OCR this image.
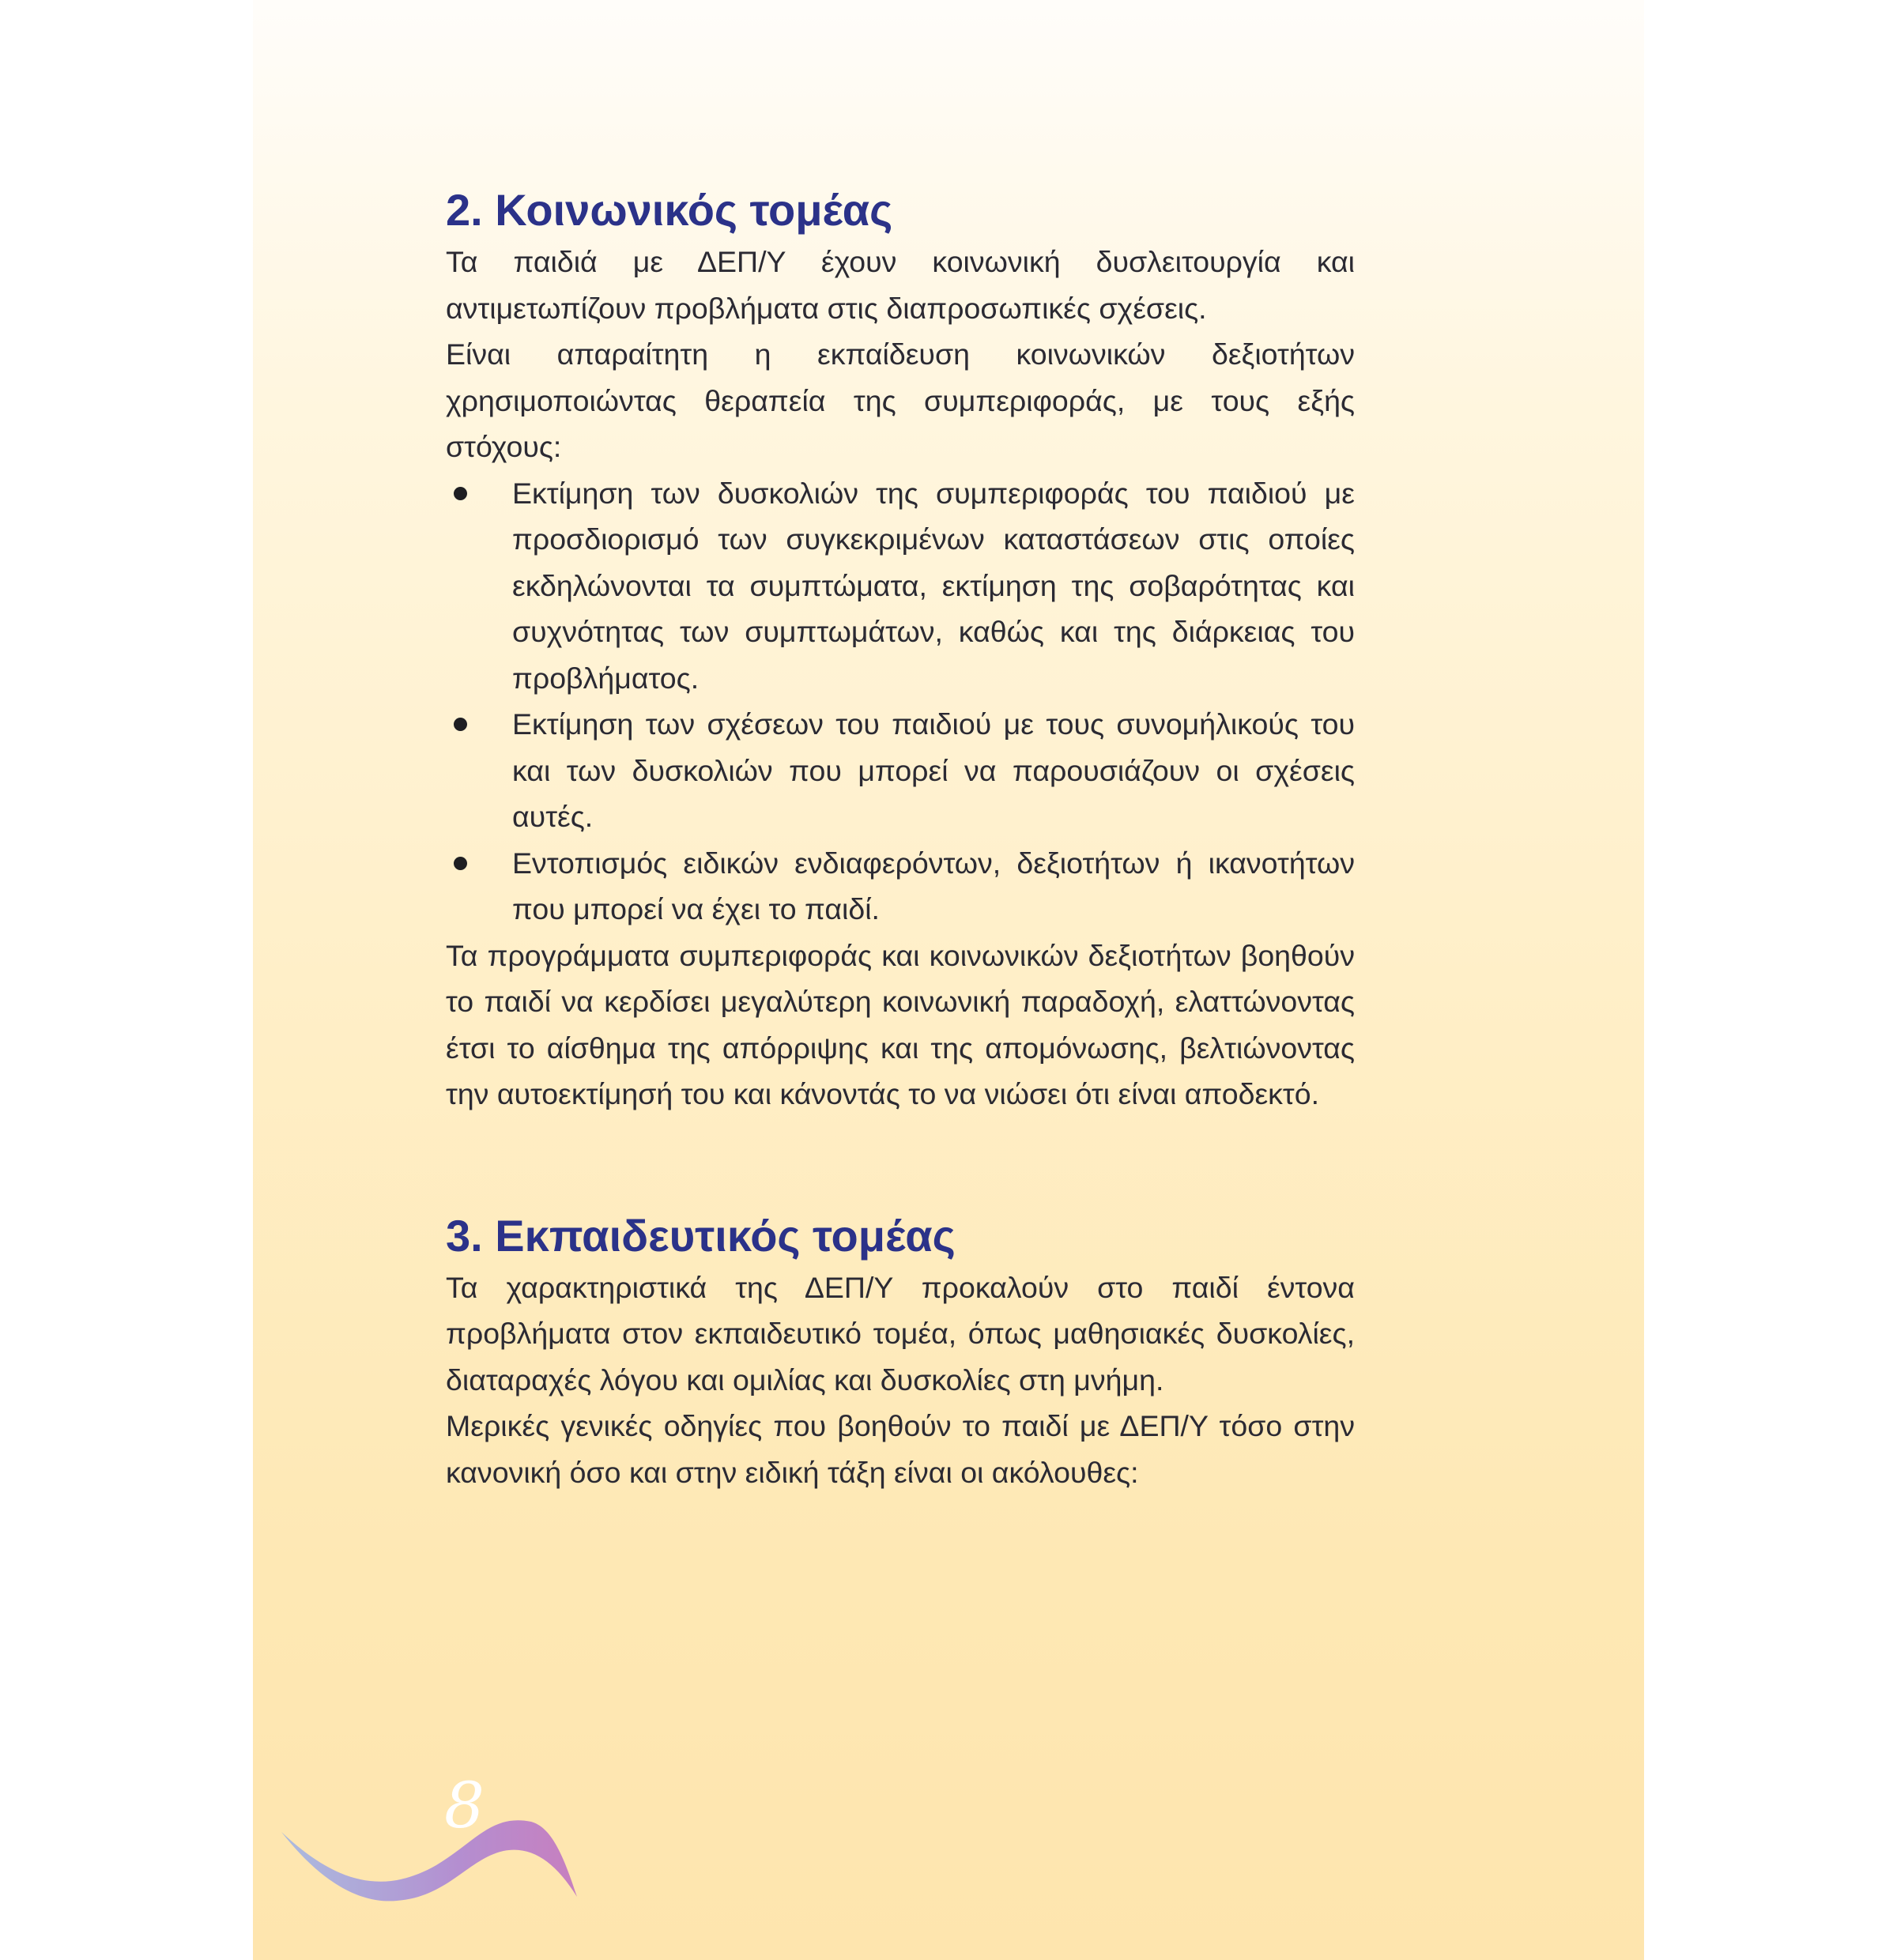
2. Κοινωνικός τομέας

Τα παιδιά με ΔΕΠ/Υ έχουν κοινωνική δυσλειτουργία και αντιμετωπίζουν προβλήματα στις διαπροσωπικές σχέσεις.

Είναι απαραίτητη η εκπαίδευση κοινωνικών δεξιοτήτων χρησιμοποιώντας θεραπεία της συμπεριφοράς, με τους εξής στόχους:

Εκτίμηση των δυσκολιών της συμπεριφοράς του παιδιού με προσδιορισμό των συγκεκριμένων καταστάσεων στις οποίες εκδηλώνονται τα συμπτώματα, εκτίμηση της σοβαρότητας και συχνότητας των συμπτωμάτων, καθώς και της διάρκειας του προβλήματος.
Εκτίμηση των σχέσεων του παιδιού με τους συνομήλικούς του και των δυσκολιών που μπορεί να παρουσιάζουν οι σχέσεις αυτές.
Εντοπισμός ειδικών ενδιαφερόντων, δεξιοτήτων ή ικανοτήτων που μπορεί να έχει το παιδί.

Τα προγράμματα συμπεριφοράς και κοινωνικών δεξιοτήτων βοηθούν το παιδί να κερδίσει μεγαλύτερη κοινωνική παραδοχή, ελαττώνοντας έτσι το αίσθημα της απόρριψης και της απομόνωσης, βελτιώνοντας την αυτοεκτίμησή του και κάνοντάς το να νιώσει ότι είναι αποδεκτό.

3. Εκπαιδευτικός τομέας

Τα χαρακτηριστικά της ΔΕΠ/Υ προκαλούν στο παιδί έντονα προβλήματα στον εκπαιδευτικό τομέα, όπως μαθησιακές δυσκολίες, διαταραχές λόγου και ομιλίας και δυσκολίες στη μνήμη.

Μερικές γενικές οδηγίες που βοηθούν το παιδί με ΔΕΠ/Υ τόσο στην κανονική όσο και στην ειδική τάξη είναι οι ακόλουθες:

8
